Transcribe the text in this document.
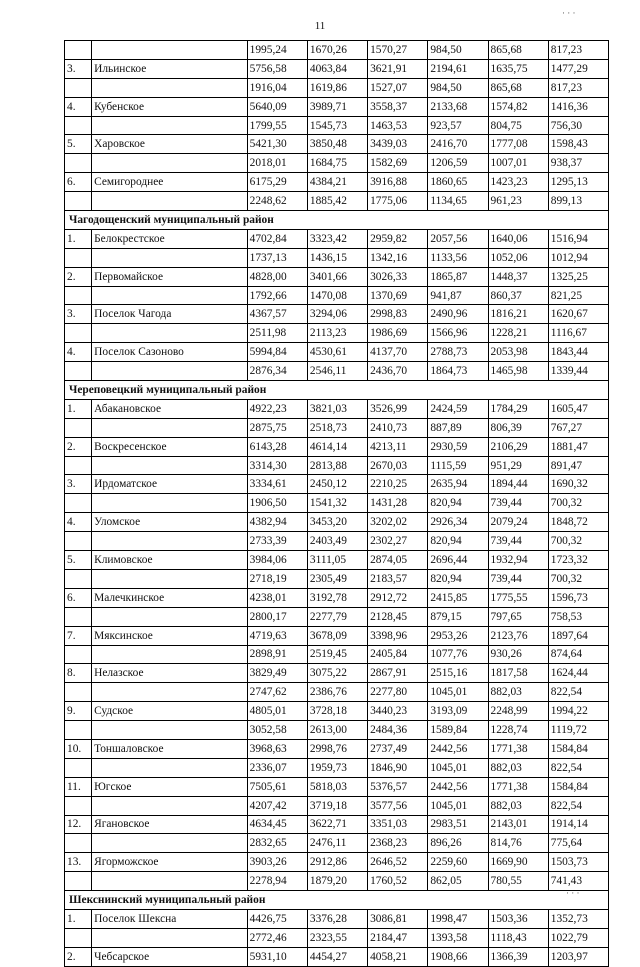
11
· · ·
· · ·
		1995,24	1670,26	1570,27	984,50	865,68	817,23
3.	Ильинское	5756,58	4063,84	3621,91	2194,61	1635,75	1477,29
		1916,04	1619,86	1527,07	984,50	865,68	817,23
4.	Кубенское	5640,09	3989,71	3558,37	2133,68	1574,82	1416,36
		1799,55	1545,73	1463,53	923,57	804,75	756,30
5.	Харовское	5421,30	3850,48	3439,03	2416,70	1777,08	1598,43
		2018,01	1684,75	1582,69	1206,59	1007,01	938,37
6.	Семигороднее	6175,29	4384,21	3916,88	1860,65	1423,23	1295,13
		2248,62	1885,42	1775,06	1134,65	961,23	899,13
Чагодощенский муниципальный район							
1.	Белокрестское	4702,84	3323,42	2959,82	2057,56	1640,06	1516,94
		1737,13	1436,15	1342,16	1133,56	1052,06	1012,94
2.	Первомайское	4828,00	3401,66	3026,33	1865,87	1448,37	1325,25
		1792,66	1470,08	1370,69	941,87	860,37	821,25
3.	Поселок Чагода	4367,57	3294,06	2998,83	2490,96	1816,21	1620,67
		2511,98	2113,23	1986,69	1566,96	1228,21	1116,67
4.	Поселок Сазоново	5994,84	4530,61	4137,70	2788,73	2053,98	1843,44
		2876,34	2546,11	2436,70	1864,73	1465,98	1339,44
Череповецкий муниципальный район							
1.	Абакановское	4922,23	3821,03	3526,99	2424,59	1784,29	1605,47
		2875,75	2518,73	2410,73	887,89	806,39	767,27
2.	Воскресенское	6143,28	4614,14	4213,11	2930,59	2106,29	1881,47
		3314,30	2813,88	2670,03	1115,59	951,29	891,47
3.	Ирдоматское	3334,61	2450,12	2210,25	2635,94	1894,44	1690,32
		1906,50	1541,32	1431,28	820,94	739,44	700,32
4.	Уломское	4382,94	3453,20	3202,02	2926,34	2079,24	1848,72
		2733,39	2403,49	2302,27	820,94	739,44	700,32
5.	Климовское	3984,06	3111,05	2874,05	2696,44	1932,94	1723,32
		2718,19	2305,49	2183,57	820,94	739,44	700,32
6.	Малечкинское	4238,01	3192,78	2912,72	2415,85	1775,55	1596,73
		2800,17	2277,79	2128,45	879,15	797,65	758,53
7.	Мяксинское	4719,63	3678,09	3398,96	2953,26	2123,76	1897,64
		2898,91	2519,45	2405,84	1077,76	930,26	874,64
8.	Нелазское	3829,49	3075,22	2867,91	2515,16	1817,58	1624,44
		2747,62	2386,76	2277,80	1045,01	882,03	822,54
9.	Судское	4805,01	3728,18	3440,23	3193,09	2248,99	1994,22
		3052,58	2613,00	2484,36	1589,84	1228,74	1119,72
10.	Тоншаловское	3968,63	2998,76	2737,49	2442,56	1771,38	1584,84
		2336,07	1959,73	1846,90	1045,01	882,03	822,54
11.	Югское	7505,61	5818,03	5376,57	2442,56	1771,38	1584,84
		4207,42	3719,18	3577,56	1045,01	882,03	822,54
12.	Ягановское	4634,45	3622,71	3351,03	2983,51	2143,01	1914,14
		2832,65	2476,11	2368,23	896,26	814,76	775,64
13.	Ягорможское	3903,26	2912,86	2646,52	2259,60	1669,90	1503,73
		2278,94	1879,20	1760,52	862,05	780,55	741,43
Шекснинский муниципальный район							
1.	Поселок Шексна	4426,75	3376,28	3086,81	1998,47	1503,36	1352,73
		2772,46	2323,55	2184,47	1393,58	1118,43	1022,79
2.	Чебсарское	5931,10	4454,27	4058,21	1908,66	1366,39	1203,97
